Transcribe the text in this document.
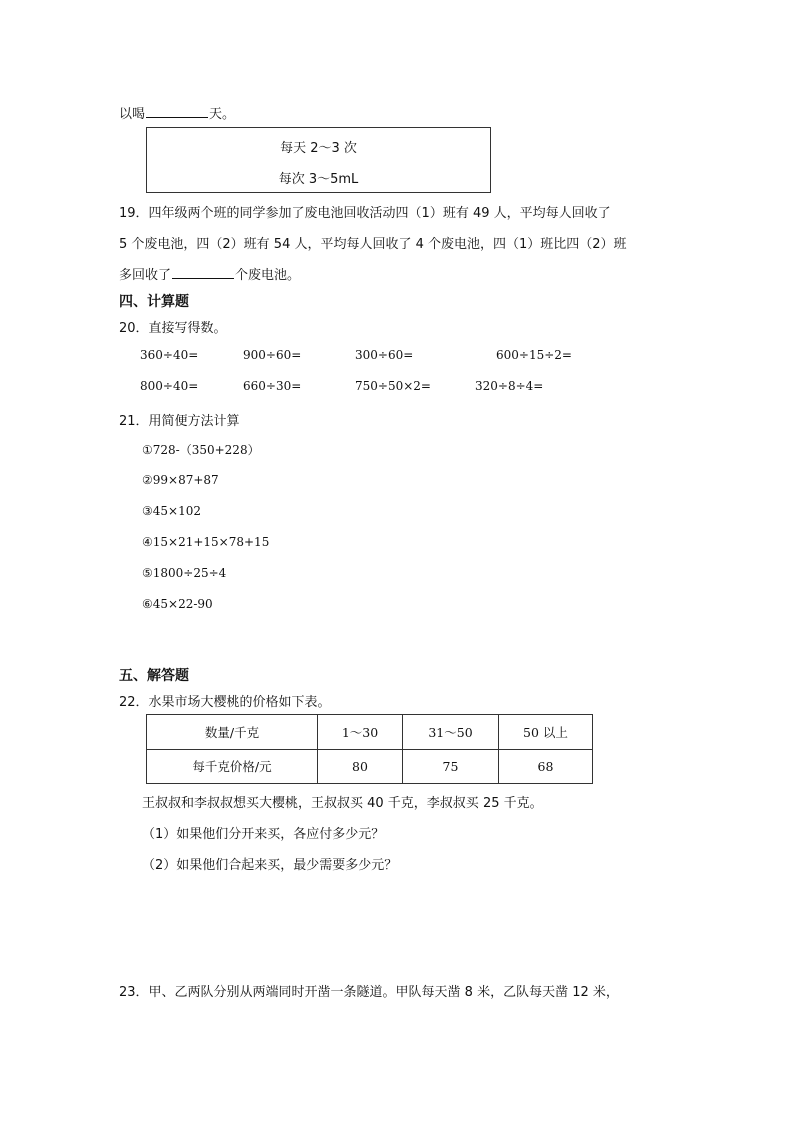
以喝	天。
每天 2～3 次
每次 3～5mL
19．四年级两个班的同学参加了废电池回收活动四（1）班有 49 人，平均每人回收了
5 个废电池，四（2）班有 54 人，平均每人回收了 4 个废电池，四（1）班比四（2）班
多回收了	个废电池。
四、计算题
20．直接写得数。
360÷40=	900÷60=	300÷60=	600÷15÷2=
800÷40=	660÷30=	750÷50×2=	320÷8÷4=
21．用简便方法计算
①728-（350+228）
②99×87+87
③45×102
④15×21+15×78+15
⑤1800÷25÷4
⑥45×22-90
五、解答题
22．水果市场大樱桃的价格如下表。
数量/千克	1～30	31～50	50 以上
每千克价格/元	80	75	68
王叔叔和李叔叔想买大樱桃，王叔叔买 40 千克，李叔叔买 25 千克。
（1）如果他们分开来买，各应付多少元？
（2）如果他们合起来买，最少需要多少元？
23．甲、乙两队分别从两端同时开凿一条隧道。甲队每天凿 8 米，乙队每天凿 12 米，
